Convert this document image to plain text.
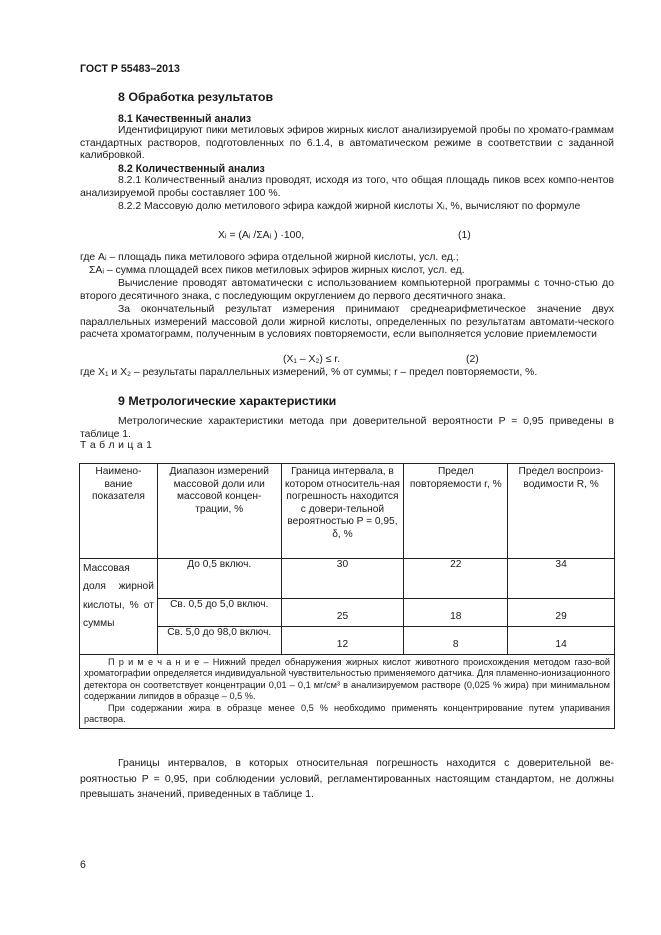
ГОСТ Р 55483–2013
8 Обработка результатов
8.1 Качественный анализ
Идентифицируют пики метиловых эфиров жирных кислот анализируемой пробы по хромато-граммам стандартных растворов, подготовленных по 6.1.4, в автоматическом режиме в соответствии с заданной калибровкой.
8.2 Количественный анализ
8.2.1 Количественный анализ проводят, исходя из того, что общая площадь пиков всех компо-нентов анализируемой пробы составляет 100 %.
8.2.2 Массовую долю метилового эфира каждой жирной кислоты Xᵢ, %, вычисляют по формуле
Xᵢ = (Aᵢ /ΣAᵢ ) ·100,	(1)
где Aᵢ – площадь пика метилового эфира отдельной жирной кислоты, усл. ед.;
ΣAᵢ – сумма площадей всех пиков метиловых эфиров жирных кислот, усл. ед.
Вычисление проводят автоматически с использованием компьютерной программы с точно-стью до второго десятичного знака, с последующим округлением до первого десятичного знака.
За окончательный результат измерения принимают среднеарифметическое значение двух параллельных измерений массовой доли жирной кислоты, определенных по результатам автомати-ческого расчета хроматограмм, полученным в условиях повторяемости, если выполняется условие приемлемости
(X₁ – X₂) ≤ r.	(2)
где X₁ и X₂ – результаты параллельных измерений, % от суммы; r – предел повторяемости, %.
9 Метрологические характеристики
Метрологические характеристики метода при доверительной вероятности P = 0,95 приведены в таблице 1.
Т а б л и ц а 1
Наимено-вание показателя	Диапазон измерений массовой доли или массовой концен-трации, %	Граница интервала, в котором относитель-ная погрешность находится с довери-тельной вероятностью P = 0,95, δ, %	Предел повторяемости r, %	Предел воспроиз-водимости R, %
Массовая доля жирной кислоты, % от суммы	До 0,5 включ.	30	22	34
	Св. 0,5 до 5,0 включ.	25	18	29
	Св. 5,0 до 98,0 включ.	12	8	14

П р и м е ч а н и е – Нижний предел обнаружения жирных кислот животного происхождения методом газо-вой хроматографии определяется индивидуальной чувствительностью применяемого датчика. Для пламенно-ионизационного детектора он соответствует концентрации 0,01 – 0,1 мг/см³ в анализируемом растворе (0,025 % жира) при минимальном содержании липидов в образце – 0,5 %.

При содержании жира в образце менее 0,5 % необходимо применять концентрирование путем упаривания раствора.				

Границы интервалов, в которых относительная погрешность находится с доверительной ве-роятностью P = 0,95, при соблюдении условий, регламентированных настоящим стандартом, не должны превышать значений, приведенных в таблице 1.
6
